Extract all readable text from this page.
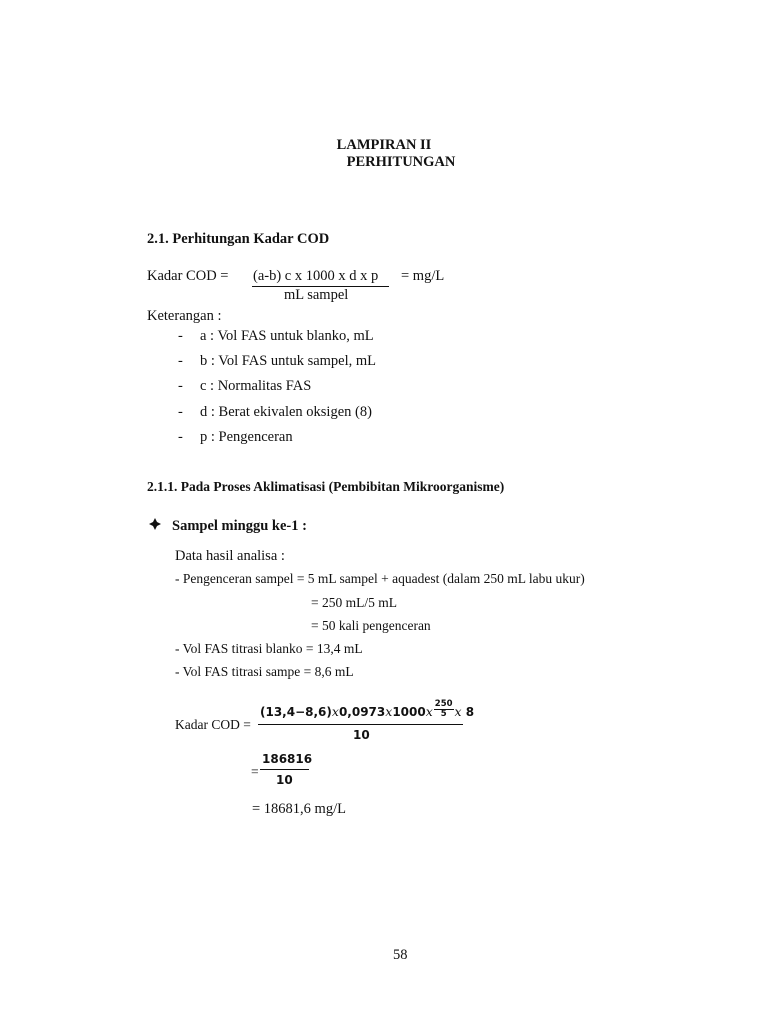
LAMPIRAN II
PERHITUNGAN
2.1. Perhitungan Kadar COD
Kadar COD = (a-b) c x 1000 x d x p = mg/L
mL sampel
Keterangan :
- a : Vol FAS untuk blanko, mL
- b : Vol FAS untuk sampel, mL
- c : Normalitas FAS
- d : Berat ekivalen oksigen (8)
- p : Pengenceran
2.1.1. Pada Proses Aklimatisasi (Pembibitan Mikroorganisme)
Sampel minggu ke-1 :
Data hasil analisa :
- Pengenceran sampel = 5 mL sampel + aquadest (dalam 250 mL labu ukur)
= 250 mL/5 mL
= 50 kali pengenceran
- Vol FAS titrasi blanko = 13,4 mL
- Vol FAS titrasi sampe = 8,6 mL
Kadar COD =
$(13,4-8,6)x0,0973x1000x \frac{250}{5}$ x 8
10
=
186816
10
= 18681,6 mg/L
58
